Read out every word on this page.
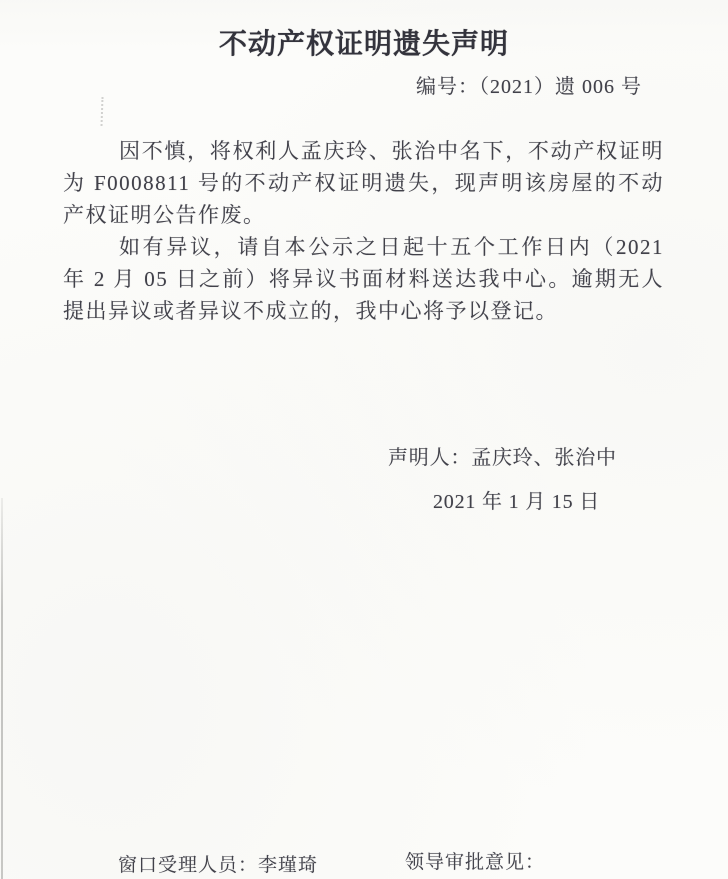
不动产权证明遗失声明
编号：（2021）遗 006 号

因不慎，将权利人孟庆玲、张治中名下，不动产权证明为 F0008811 号的不动产权证明遗失，现声明该房屋的不动产权证明公告作废。

如有异议，请自本公示之日起十五个工作日内（2021 年 2 月 05 日之前）将异议书面材料送达我中心。逾期无人提出异议或者异议不成立的，我中心将予以登记。

声明人：孟庆玲、张治中
2021 年 1 月 15 日
窗口受理人员：李瑾琦	领导审批意见：
